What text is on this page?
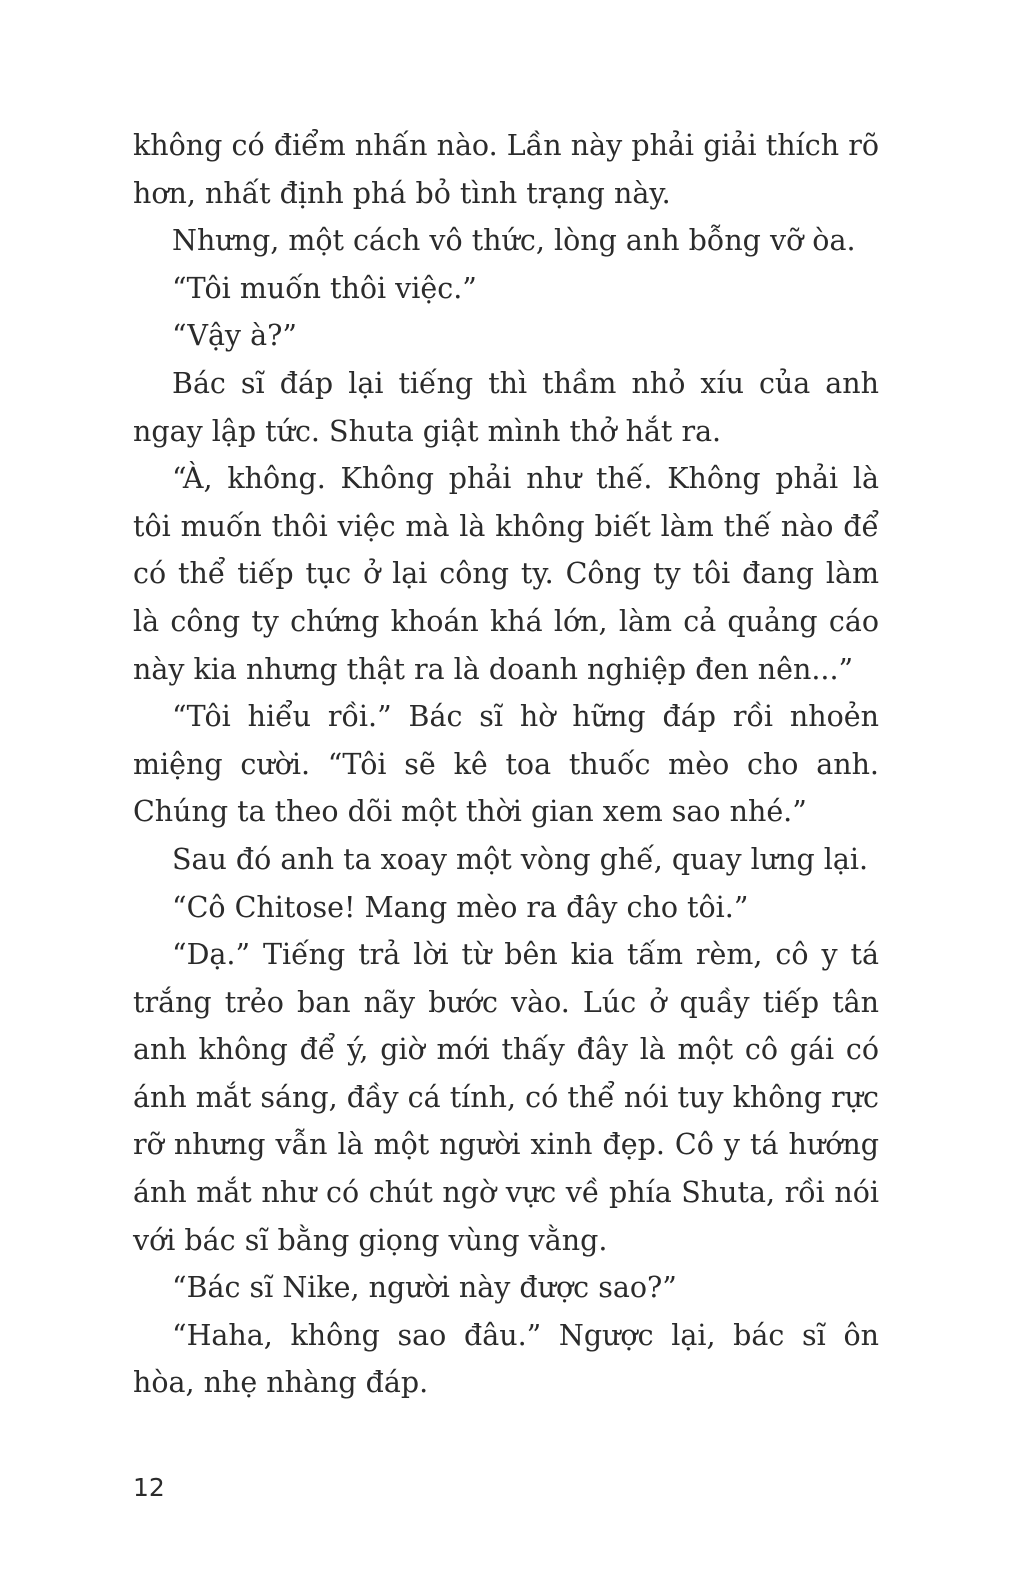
không có điểm nhấn nào. Lần này phải giải thích rõ hơn, nhất định phá bỏ tình trạng này.

Nhưng, một cách vô thức, lòng anh bỗng vỡ òa.

“Tôi muốn thôi việc.”

“Vậy à?”

Bác sĩ đáp lại tiếng thì thầm nhỏ xíu của anh ngay lập tức. Shuta giật mình thở hắt ra.

“À, không. Không phải như thế. Không phải là tôi muốn thôi việc mà là không biết làm thế nào để có thể tiếp tục ở lại công ty. Công ty tôi đang làm là công ty chứng khoán khá lớn, làm cả quảng cáo này kia nhưng thật ra là doanh nghiệp đen nên...”

“Tôi hiểu rồi.” Bác sĩ hờ hững đáp rồi nhoẻn miệng cười. “Tôi sẽ kê toa thuốc mèo cho anh. Chúng ta theo dõi một thời gian xem sao nhé.”

Sau đó anh ta xoay một vòng ghế, quay lưng lại.

“Cô Chitose! Mang mèo ra đây cho tôi.”

“Dạ.” Tiếng trả lời từ bên kia tấm rèm, cô y tá trắng trẻo ban nãy bước vào. Lúc ở quầy tiếp tân anh không để ý, giờ mới thấy đây là một cô gái có ánh mắt sáng, đầy cá tính, có thể nói tuy không rực rỡ nhưng vẫn là một người xinh đẹp. Cô y tá hướng ánh mắt như có chút ngờ vực về phía Shuta, rồi nói với bác sĩ bằng giọng vùng vằng.

“Bác sĩ Nike, người này được sao?”

“Haha, không sao đâu.” Ngược lại, bác sĩ ôn hòa, nhẹ nhàng đáp.

12
